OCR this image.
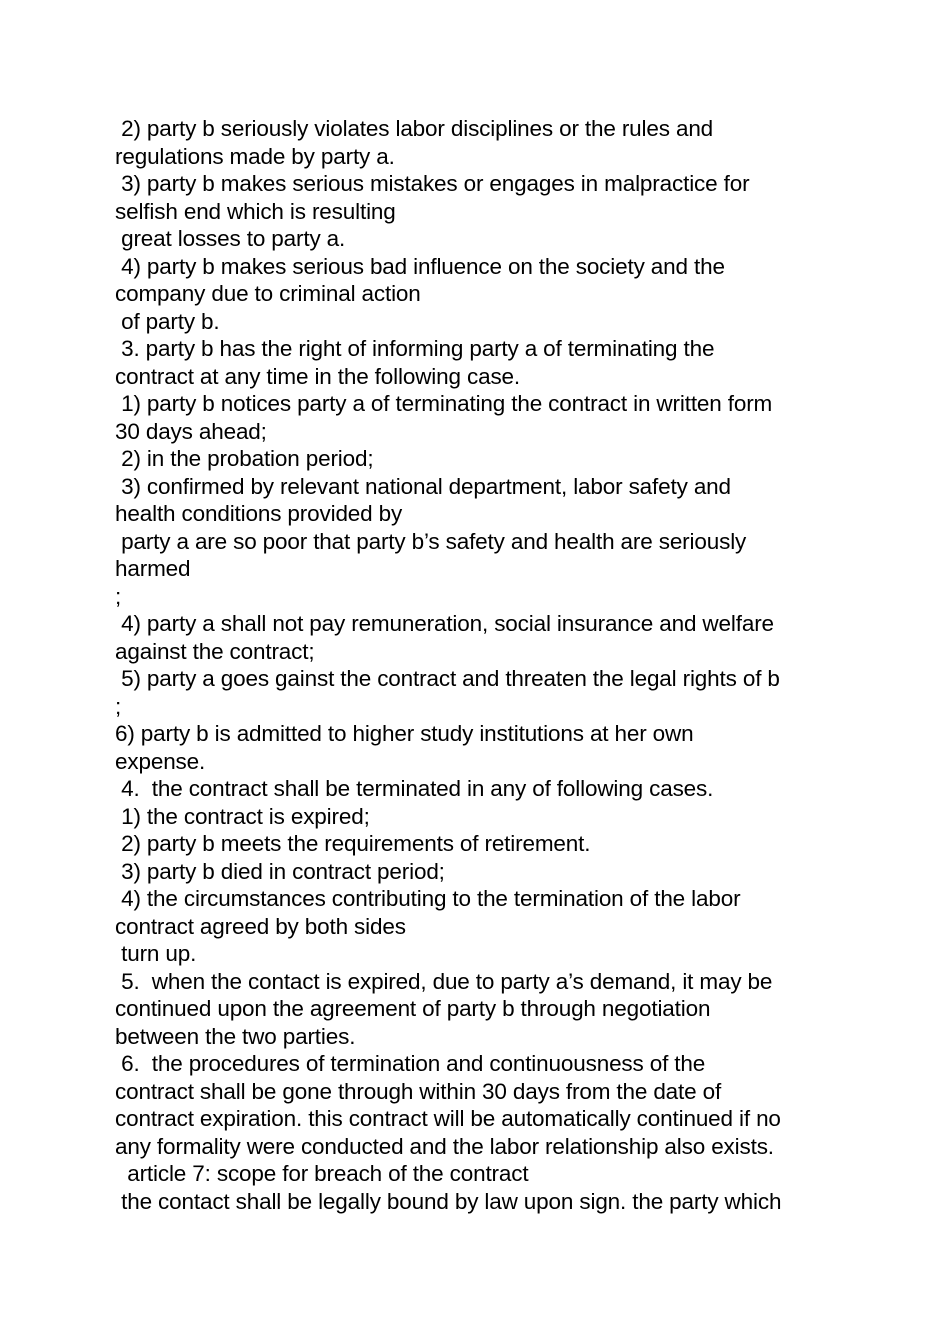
2) party b seriously violates labor disciplines or the rules and
regulations made by party a.
3) party b makes serious mistakes or engages in malpractice for
selfish end which is resulting
great losses to party a.
4) party b makes serious bad influence on the society and the
company due to criminal action
of party b.
3. party b has the right of informing party a of terminating the
contract at any time in the following case.
1) party b notices party a of terminating the contract in written form
30 days ahead;
2) in the probation period;
3) confirmed by relevant national department, labor safety and
health conditions provided by
party a are so poor that party b’s safety and health are seriously
harmed
;
4) party a shall not pay remuneration, social insurance and welfare
against the contract;
5) party a goes gainst the contract and threaten the legal rights of b
;
6) party b is admitted to higher study institutions at her own
expense.
4.  the contract shall be terminated in any of following cases.
1) the contract is expired;
2) party b meets the requirements of retirement.
3) party b died in contract period;
4) the circumstances contributing to the termination of the labor
contract agreed by both sides
turn up.
5.  when the contact is expired, due to party a’s demand, it may be
continued upon the agreement of party b through negotiation
between the two parties.
6.  the procedures of termination and continuousness of the
contract shall be gone through within 30 days from the date of
contract expiration. this contract will be automatically continued if no
any formality were conducted and the labor relationship also exists.
article 7: scope for breach of the contract
the contact shall be legally bound by law upon sign. the party which
